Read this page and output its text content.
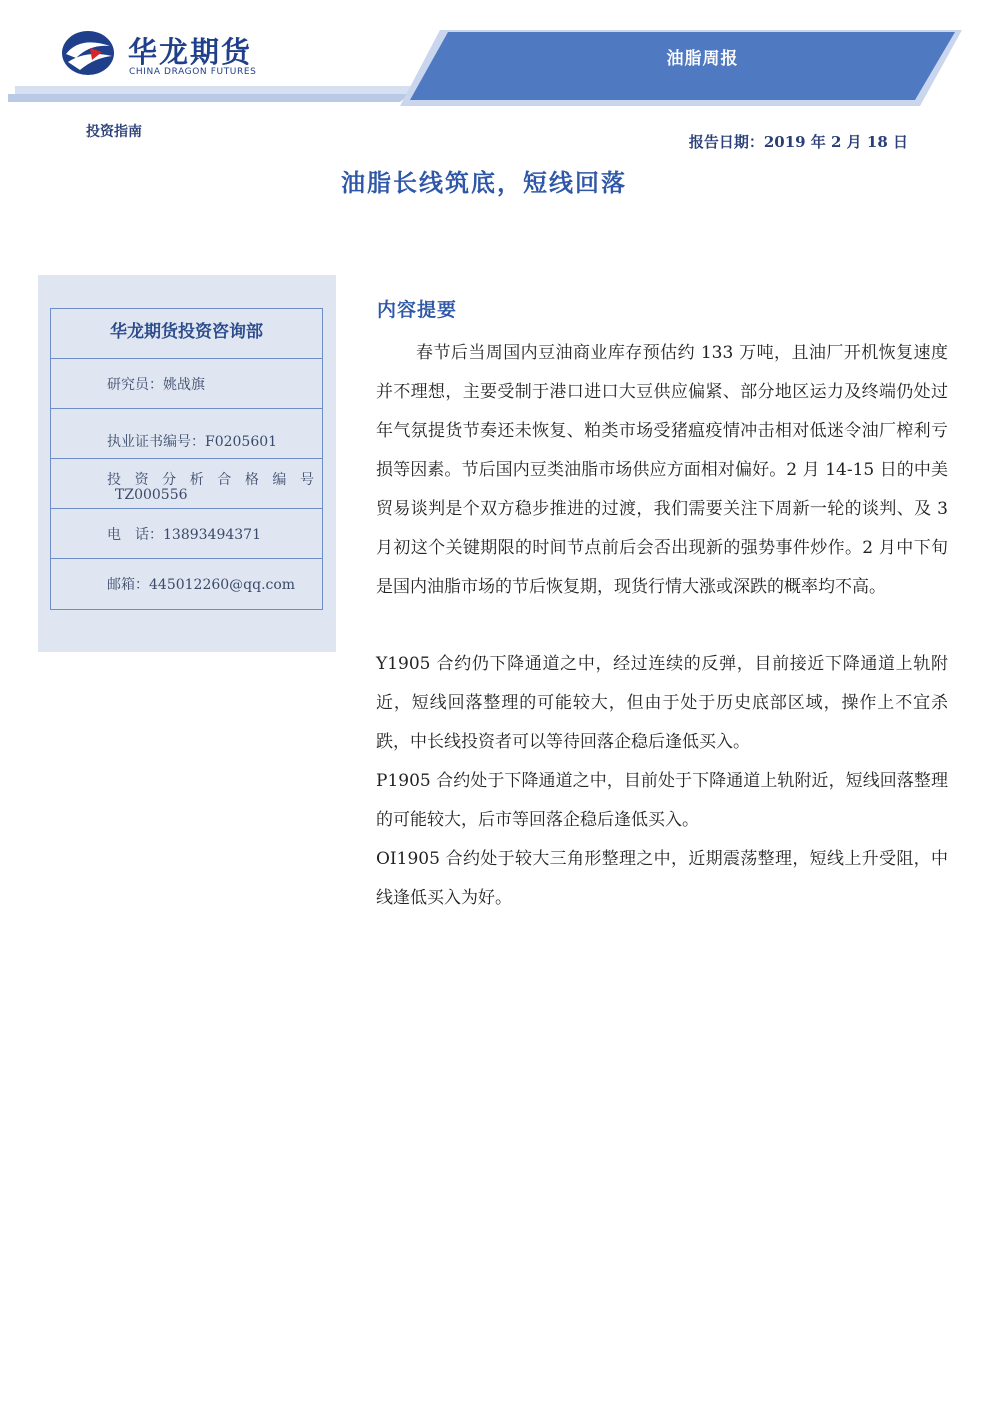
华龙期货
CHINA DRAGON FUTURES
油脂周报
投资指南
报告日期：2019 年 2 月 18 日
油脂长线筑底，短线回落
华龙期货投资咨询部
研究员：姚战旗
执业证书编号：F0205601
投 资 分 析 合 格 编 号
TZ000556
电　话：13893494371
邮箱：445012260@qq.com
内容提要
春节后当周国内豆油商业库存预估约 133 万吨，且油厂开机恢复速度并不理想，主要受制于港口进口大豆供应偏紧、部分地区运力及终端仍处过年气氛提货节奏还未恢复、粕类市场受猪瘟疫情冲击相对低迷令油厂榨利亏损等因素。节后国内豆类油脂市场供应方面相对偏好。2 月 14-15 日的中美贸易谈判是个双方稳步推进的过渡，我们需要关注下周新一轮的谈判、及 3 月初这个关键期限的时间节点前后会否出现新的强势事件炒作。2 月中下旬是国内油脂市场的节后恢复期，现货行情大涨或深跌的概率均不高。
Y1905 合约仍下降通道之中，经过连续的反弹，目前接近下降通道上轨附近，短线回落整理的可能较大，但由于处于历史底部区域，操作上不宜杀跌，中长线投资者可以等待回落企稳后逢低买入。
P1905 合约处于下降通道之中，目前处于下降通道上轨附近，短线回落整理的可能较大，后市等回落企稳后逢低买入。
OI1905 合约处于较大三角形整理之中，近期震荡整理，短线上升受阻，中线逢低买入为好。
